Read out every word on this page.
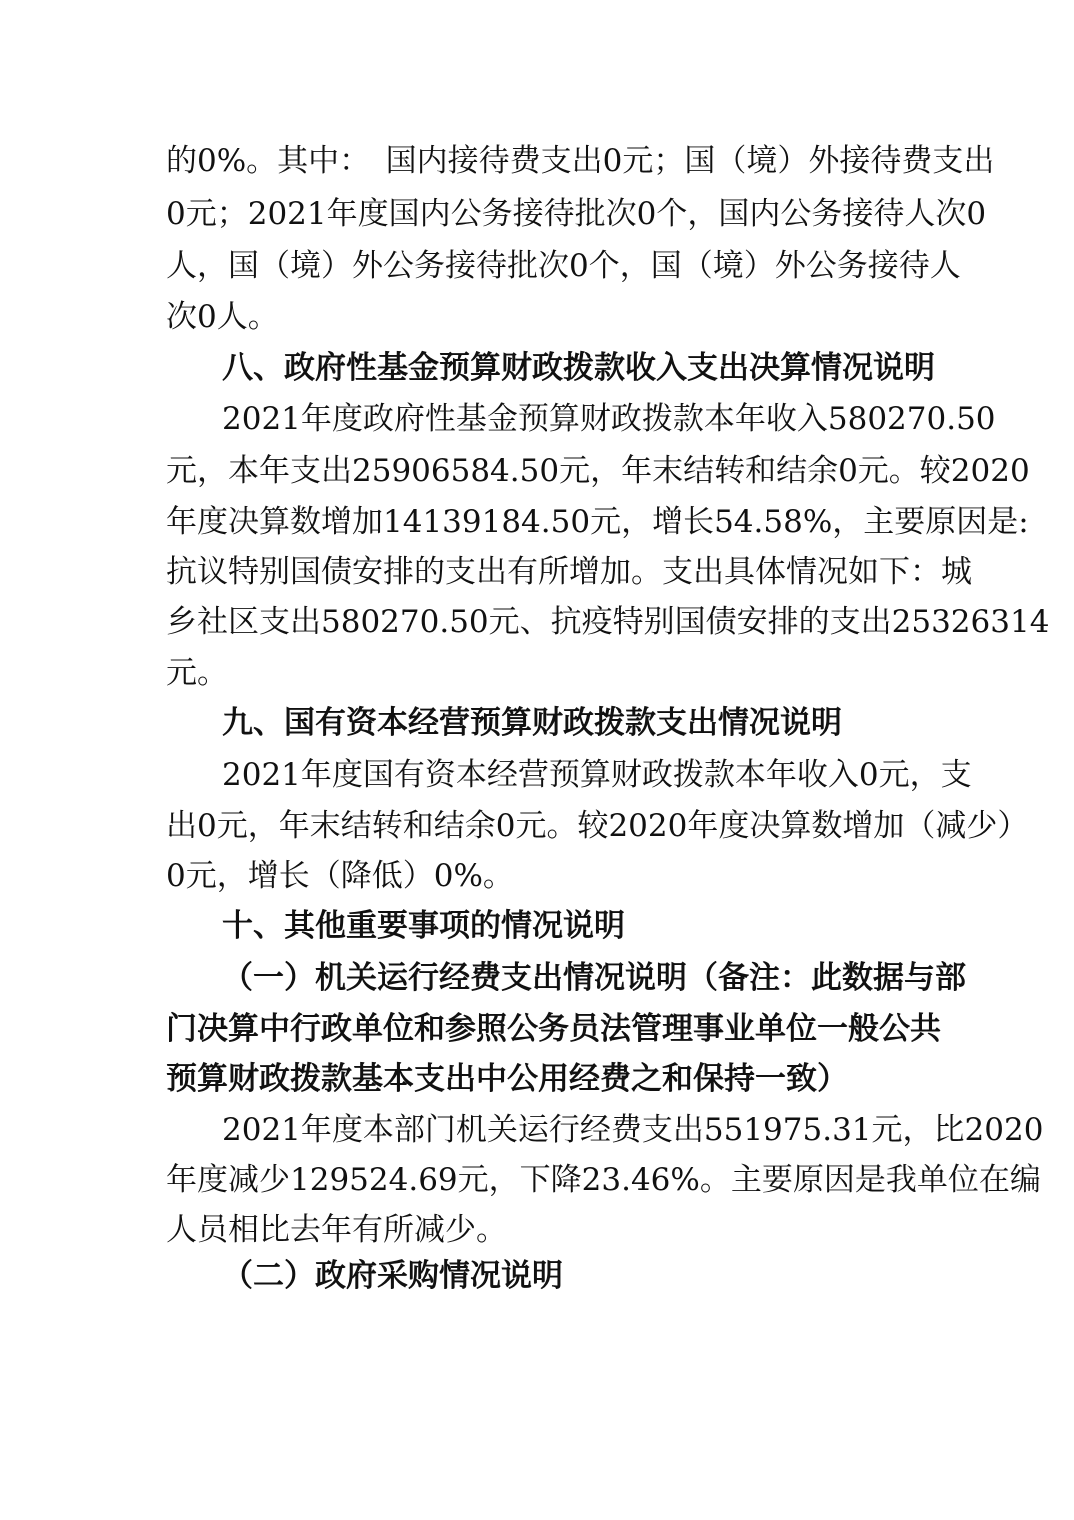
的0%。其中：　国内接待费支出0元；国（境）外接待费支出
0元；2021年度国内公务接待批次0个，国内公务接待人次0
人，国（境）外公务接待批次0个，国（境）外公务接待人
次0人。
八、政府性基金预算财政拨款收入支出决算情况说明
2021年度政府性基金预算财政拨款本年收入580270.50
元，本年支出25906584.50元，年末结转和结余0元。较2020
年度决算数增加14139184.50元，增长54.58%，主要原因是:
抗议特别国债安排的支出有所增加。支出具体情况如下：城
乡社区支出580270.50元、抗疫特别国债安排的支出25326314
元。
九、国有资本经营预算财政拨款支出情况说明
2021年度国有资本经营预算财政拨款本年收入0元，支
出0元，年末结转和结余0元。较2020年度决算数增加（减少）
0元，增长（降低）0%。
十、其他重要事项的情况说明
（一）机关运行经费支出情况说明（备注：此数据与部
门决算中行政单位和参照公务员法管理事业单位一般公共
预算财政拨款基本支出中公用经费之和保持一致）
2021年度本部门机关运行经费支出551975.31元，比2020
年度减少129524.69元，下降23.46%。主要原因是我单位在编
人员相比去年有所减少。
（二）政府采购情况说明
